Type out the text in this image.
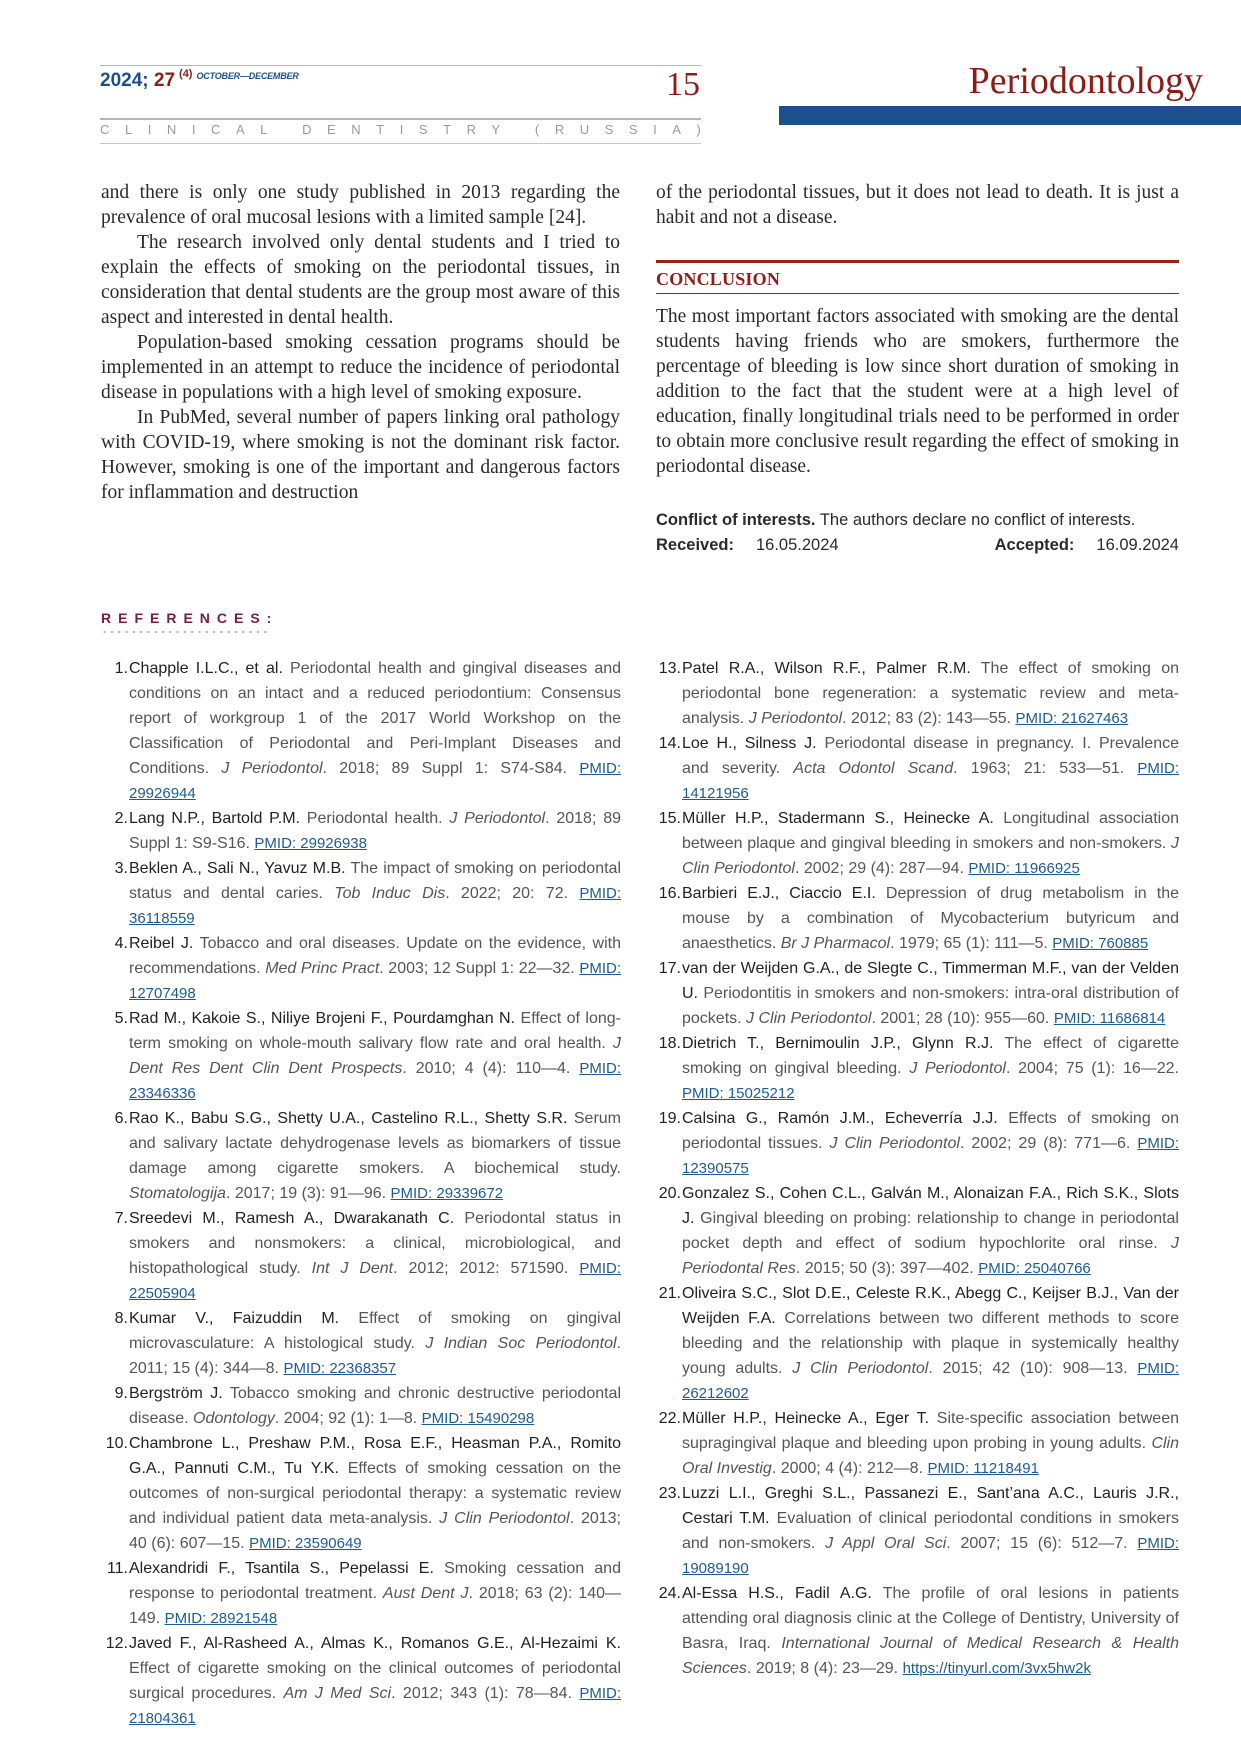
2024; 27 $^{(4)}$ $^{OCTOBER—DECEMBER}$	15
C L I N I C A L
	D E N T I S T R Y
	( R U S S I A )
Periodontology

and there is only one study published in 2013 regarding the prevalence of oral mucosal lesions with a limited sample [24].

The research involved only dental students and I tried to explain the effects of smoking on the periodontal tissues, in consideration that dental students are the group most aware of this aspect and interested in dental health.

Population-based smoking cessation programs should be implemented in an attempt to reduce the incidence of periodontal disease in populations with a high level of smoking exposure.

In PubMed, several number of papers linking oral pathology with COVID-19, where smoking is not the dominant risk factor. However, smoking is one of the important and dangerous factors for inflammation and destruction

of the periodontal tissues, but it does not lead to death. It is just a habit and not a disease.

CONCLUSION

The most important factors associated with smoking are the dental students having friends who are smokers, furthermore the percentage of bleeding is low since short duration of smoking in addition to the fact that the student were at a high level of education, finally longitudinal trials need to be performed in order to obtain more conclusive result regarding the effect of smoking in periodontal disease.

Conflict of interests. The authors declare no conflict of interests.
Received: 16.05.2024	Accepted: 16.09.2024
REFERENCES:
1. Chapple I.L.C., et al. Periodontal health and gingival diseases and conditions on an intact and a reduced periodontium: Consensus report of workgroup 1 of the 2017 World Workshop on the Classification of Periodontal and Peri-Implant Diseases and Conditions. J Periodontol. 2018; 89 Suppl 1: S74-S84. PMID: 29926944
2. Lang N.P., Bartold P.M. Periodontal health. J Periodontol. 2018; 89 Suppl 1: S9-S16. PMID: 29926938
3. Beklen A., Sali N., Yavuz M.B. The impact of smoking on periodontal status and dental caries. Tob Induc Dis. 2022; 20: 72. PMID: 36118559
4. Reibel J. Tobacco and oral diseases. Update on the evidence, with recommendations. Med Princ Pract. 2003; 12 Suppl 1: 22—32. PMID: 12707498
5. Rad M., Kakoie S., Niliye Brojeni F., Pourdamghan N. Effect of long-term smoking on whole-mouth salivary flow rate and oral health. J Dent Res Dent Clin Dent Prospects. 2010; 4 (4): 110—4. PMID: 23346336
6. Rao K., Babu S.G., Shetty U.A., Castelino R.L., Shetty S.R. Serum and salivary lactate dehydrogenase levels as biomarkers of tissue damage among cigarette smokers. A biochemical study. Stomatologija. 2017; 19 (3): 91—96. PMID: 29339672
7. Sreedevi M., Ramesh A., Dwarakanath C. Periodontal status in smokers and nonsmokers: a clinical, microbiological, and histopathological study. Int J Dent. 2012; 2012: 571590. PMID: 22505904
8. Kumar V., Faizuddin M. Effect of smoking on gingival microvasculature: A histological study. J Indian Soc Periodontol. 2011; 15 (4): 344—8. PMID: 22368357
9. Bergström J. Tobacco smoking and chronic destructive periodontal disease. Odontology. 2004; 92 (1): 1—8. PMID: 15490298
10. Chambrone L., Preshaw P.M., Rosa E.F., Heasman P.A., Romito G.A., Pannuti C.M., Tu Y.K. Effects of smoking cessation on the outcomes of non-surgical periodontal therapy: a systematic review and individual patient data meta-analysis. J Clin Periodontol. 2013; 40 (6): 607—15. PMID: 23590649
11. Alexandridi F., Tsantila S., Pepelassi E. Smoking cessation and response to periodontal treatment. Aust Dent J. 2018; 63 (2): 140—149. PMID: 28921548
12. Javed F., Al-Rasheed A., Almas K., Romanos G.E., Al-Hezaimi K. Effect of cigarette smoking on the clinical outcomes of periodontal surgical procedures. Am J Med Sci. 2012; 343 (1): 78—84. PMID: 21804361
13. Patel R.A., Wilson R.F., Palmer R.M. The effect of smoking on periodontal bone regeneration: a systematic review and meta-analysis. J Periodontol. 2012; 83 (2): 143—55. PMID: 21627463
14. Loe H., Silness J. Periodontal disease in pregnancy. I. Prevalence and severity. Acta Odontol Scand. 1963; 21: 533—51. PMID: 14121956
15. Müller H.P., Stadermann S., Heinecke A. Longitudinal association between plaque and gingival bleeding in smokers and non-smokers. J Clin Periodontol. 2002; 29 (4): 287—94. PMID: 11966925
16. Barbieri E.J., Ciaccio E.I. Depression of drug metabolism in the mouse by a combination of Mycobacterium butyricum and anaesthetics. Br J Pharmacol. 1979; 65 (1): 111—5. PMID: 760885
17. van der Weijden G.A., de Slegte C., Timmerman M.F., van der Velden U. Periodontitis in smokers and non-smokers: intra-oral distribution of pockets. J Clin Periodontol. 2001; 28 (10): 955—60. PMID: 11686814
18. Dietrich T., Bernimoulin J.P., Glynn R.J. The effect of cigarette smoking on gingival bleeding. J Periodontol. 2004; 75 (1): 16—22. PMID: 15025212
19. Calsina G., Ramón J.M., Echeverría J.J. Effects of smoking on periodontal tissues. J Clin Periodontol. 2002; 29 (8): 771—6. PMID: 12390575
20. Gonzalez S., Cohen C.L., Galván M., Alonaizan F.A., Rich S.K., Slots J. Gingival bleeding on probing: relationship to change in periodontal pocket depth and effect of sodium hypochlorite oral rinse. J Periodontal Res. 2015; 50 (3): 397—402. PMID: 25040766
21. Oliveira S.C., Slot D.E., Celeste R.K., Abegg C., Keijser B.J., Van der Weijden F.A. Correlations between two different methods to score bleeding and the relationship with plaque in systemically healthy young adults. J Clin Periodontol. 2015; 42 (10): 908—13. PMID: 26212602
22. Müller H.P., Heinecke A., Eger T. Site-specific association between supragingival plaque and bleeding upon probing in young adults. Clin Oral Investig. 2000; 4 (4): 212—8. PMID: 11218491
23. Luzzi L.I., Greghi S.L., Passanezi E., Sant’ana A.C., Lauris J.R., Cestari T.M. Evaluation of clinical periodontal conditions in smokers and non-smokers. J Appl Oral Sci. 2007; 15 (6): 512—7. PMID: 19089190
24. Al-Essa H.S., Fadil A.G. The profile of oral lesions in patients attending oral diagnosis clinic at the College of Dentistry, University of Basra, Iraq. International Journal of Medical Research & Health Sciences. 2019; 8 (4): 23—29. https://tinyurl.com/3vx5hw2k
